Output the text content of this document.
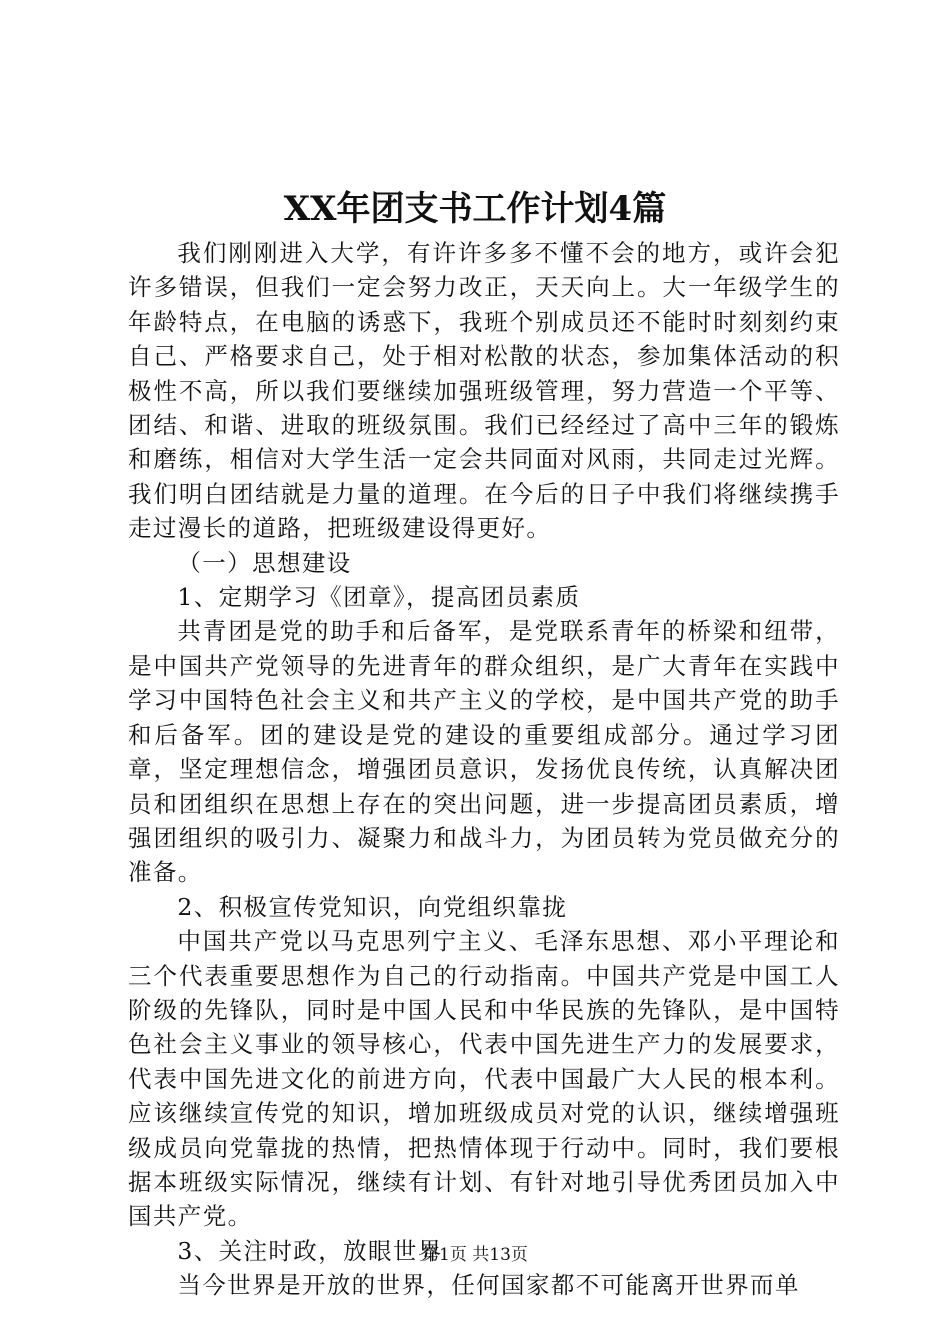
XX年团支书工作计划4篇

我们刚刚进入大学，有许许多多不懂不会的地方，或许会犯许多错误，但我们一定会努力改正，天天向上。大一年级学生的年龄特点，在电脑的诱惑下，我班个别成员还不能时时刻刻约束自己、严格要求自己，处于相对松散的状态，参加集体活动的积极性不高，所以我们要继续加强班级管理，努力营造一个平等、团结、和谐、进取的班级氛围。我们已经经过了高中三年的锻炼和磨练，相信对大学生活一定会共同面对风雨，共同走过光辉。我们明白团结就是力量的道理。在今后的日子中我们将继续携手走过漫长的道路，把班级建设得更好。

（一）思想建设

1、定期学习《团章》，提高团员素质

共青团是党的助手和后备军，是党联系青年的桥梁和纽带，是中国共产党领导的先进青年的群众组织，是广大青年在实践中学习中国特色社会主义和共产主义的学校，是中国共产党的助手和后备军。团的建设是党的建设的重要组成部分。通过学习团章，坚定理想信念，增强团员意识，发扬优良传统，认真解决团员和团组织在思想上存在的突出问题，进一步提高团员素质，增强团组织的吸引力、凝聚力和战斗力，为团员转为党员做充分的准备。

2、积极宣传党知识，向党组织靠拢

中国共产党以马克思列宁主义、毛泽东思想、邓小平理论和三个代表重要思想作为自己的行动指南。中国共产党是中国工人阶级的先锋队，同时是中国人民和中华民族的先锋队，是中国特色社会主义事业的领导核心，代表中国先进生产力的发展要求，代表中国先进文化的前进方向，代表中国最广大人民的根本利。应该继续宣传党的知识，增加班级成员对党的认识，继续增强班级成员向党靠拢的热情，把热情体现于行动中。同时，我们要根据本班级实际情况，继续有计划、有针对地引导优秀团员加入中国共产党。

3、关注时政，放眼世界

当今世界是开放的世界，任何国家都不可能离开世界而单

第1页 共13页
